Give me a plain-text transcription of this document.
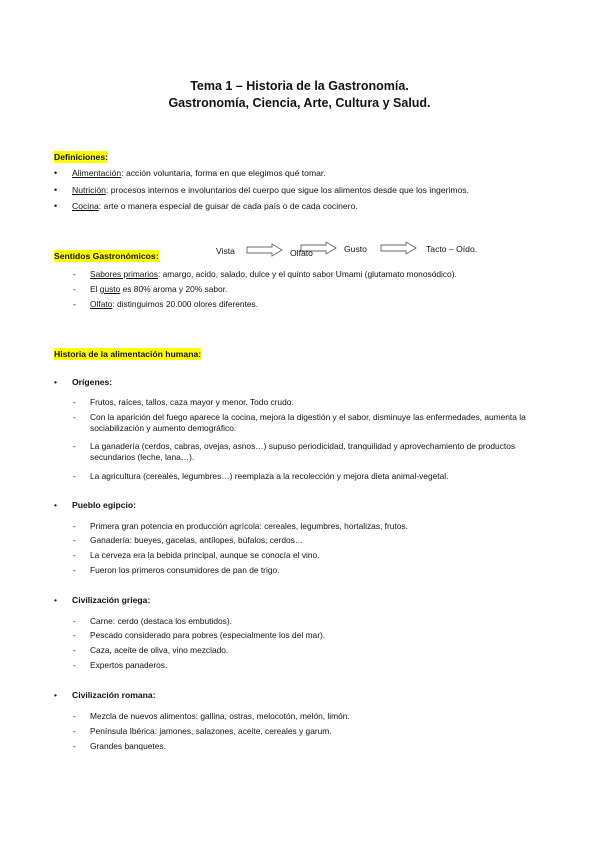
Tema 1 – Historia de la Gastronomía.
Gastronomía, Ciencia, Arte, Cultura y Salud.
Definiciones:
• Alimentación: acción voluntaria, forma en que elegimos qué tomar.
• Nutrición: procesos internos e involuntarios del cuerpo que sigue los alimentos desde que los ingerimos.
• Cocina: arte o manera especial de guisar de cada país o de cada cocinero.
Sentidos Gastronómicos:	Vista	Olfato	Gusto	Tacto – Oído.
- Sabores primarios: amargo, acido, salado, dulce y el quinto sabor Umami (glutamato monosódico).
- El gusto es 80% aroma y 20% sabor.
- Olfato: distinguimos 20.000 olores diferentes.
Historia de la alimentación humana:
• Orígenes:
- Frutos, raíces, tallos, caza mayor y menor. Todo crudo.
- Con la aparición del fuego aparece la cocina, mejora la digestión y el sabor, disminuye las enfermedades, aumenta la sociabilización y aumento demográfico.
- La ganadería (cerdos, cabras, ovejas, asnos…) supuso periodicidad, tranquilidad y aprovechamiento de productos secundarios (leche, lana…).
- La agricultura (cereales, legumbres…) reemplaza a la recolección y mejora dieta animal-vegetal.
• Pueblo egipcio:
- Primera gran potencia en producción agrícola: cereales, legumbres, hortalizas, frutos.
- Ganadería: bueyes, gacelas, antílopes, búfalos, cerdos…
- La cerveza era la bebida principal, aunque se conocía el vino.
- Fueron los primeros consumidores de pan de trigo.
• Civilización griega:
- Carne: cerdo (destaca los embutidos).
- Pescado considerado para pobres (especialmente los del mar).
- Caza, aceite de oliva, vino mezclado.
- Expertos panaderos.
• Civilización romana:
- Mezcla de nuevos alimentos: gallina, ostras, melocotón, melón, limón.
- Península Ibérica: jamones, salazones, aceite, cereales y garum.
- Grandes banquetes.
